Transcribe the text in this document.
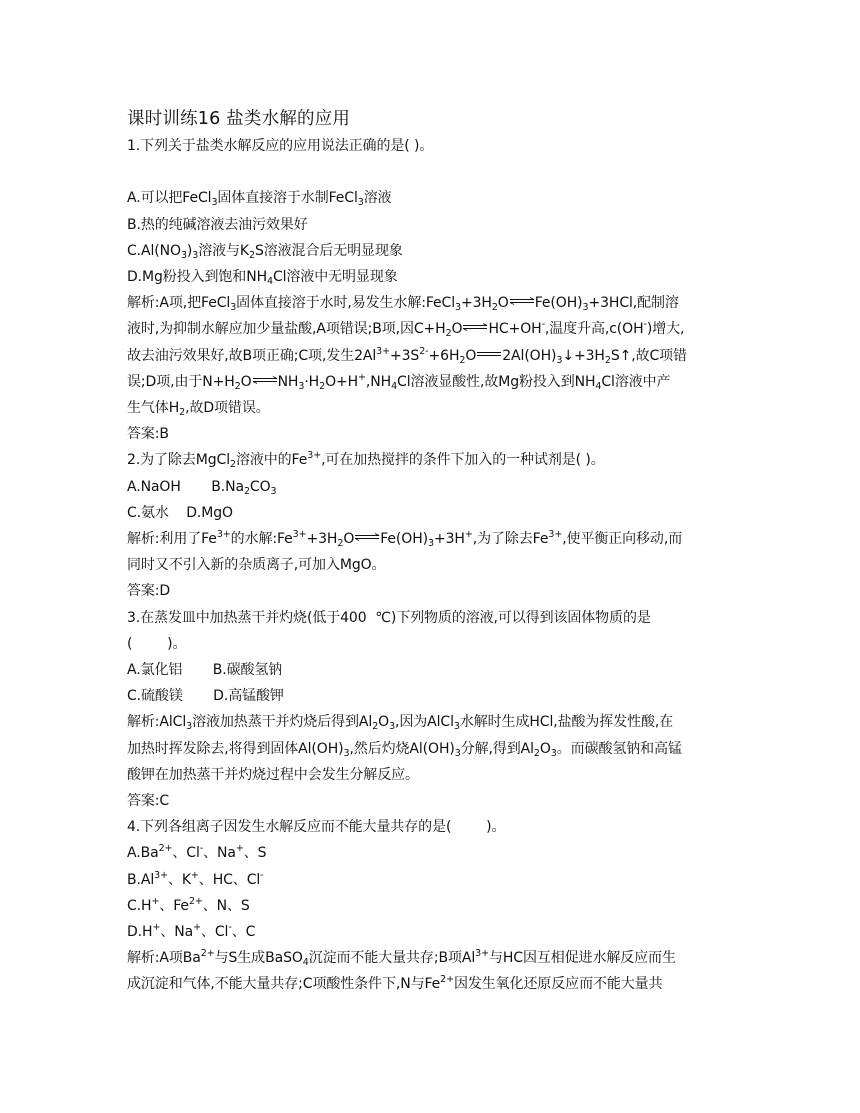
课时训练16 盐类水解的应用
1.下列关于盐类水解反应的应用说法正确的是( )。
A.可以把FeCl$_3$固体直接溶于水制FeCl$_3$溶液
B.热的纯碱溶液去油污效果好
$C.Al(NO_3)_3$溶液与$K_2S$溶液混合后无明显现象
D.Mg粉投入到饱和$NH_4Cl$溶液中无明显现象
解析:A项,把FeCl$_3$固体直接溶于水时,易发生水解$:FeCl_3+3H_2O\rightleftharpoons Fe(OH)_3+3HCl$,配制溶
液时,为抑制水解应加少量盐酸,A项错误;B项,因$C+H_2O\rightleftharpoons HC+OH^-$,温度升高,c(OH-)增大,
故去油污效果好,故B项正确;C项,发生$2Al^{3+}+3S^{2-}+6H_2O$ $2Al(OH)_3↓+3H_2S↑$,故C项错
误;D项,由于$N+H_2O\rightleftharpoons NH_3\cdot H_2O+H^+,NH_4Cl$溶液显酸性,故Mg粉投入到$NH_4Cl$溶液中产
生气体$H_2$,故D项错误。
答案:B
2.为了除去MgCl$_2$溶液中的$Fe^{3+}$,可在加热搅拌的条件下加入的一种试剂是( )。
A.NaOH       $B.Na_2CO_3$
C.氨水    D.MgO
解析:利用了$Fe^{3+}$的水解$:Fe^{3+}+3H_2O\rightleftharpoons Fe(OH)_3+3H^+$,为了除去$Fe^{3+}$,使平衡正向移动,而
同时又不引入新的杂质离子,可加入MgO。
答案:D
3.在蒸发皿中加热蒸干并灼烧(低于400  ℃)下列物质的溶液,可以得到该固体物质的是
(        )。
A.氯化铝       B.碳酸氢钠
C.硫酸镁       D.高锰酸钾
解析:AlCl$_3$溶液加热蒸干并灼烧后得到$Al_2O_3$,因为AlCl$_3$水解时生成HCl,盐酸为挥发性酸,在
加热时挥发除去,将得到固体$Al(OH)_3$,然后灼烧$Al(OH)_3$分解,得到$Al_2O_3$。而碳酸氢钠和高锰
酸钾在加热蒸干并灼烧过程中会发生分解反应。
答案:C
4.下列各组离子因发生水解反应而不能大量共存的是(        )。
$A.Ba^{2+}$、Cl-、Na+、S
$B.Al^{3+}$、K+、HC、Cl-
C.H+、$Fe^{2+}$、N、S
D.H+、Na+、Cl-、C
解析:A项$Ba^{2+}$与S生成BaSO$_4$沉淀而不能大量共存;B项$Al^{3+}$与HC因互相促进水解反应而生
成沉淀和气体,不能大量共存;C项酸性条件下,N与$Fe^{2+}$因发生氧化还原反应而不能大量共
